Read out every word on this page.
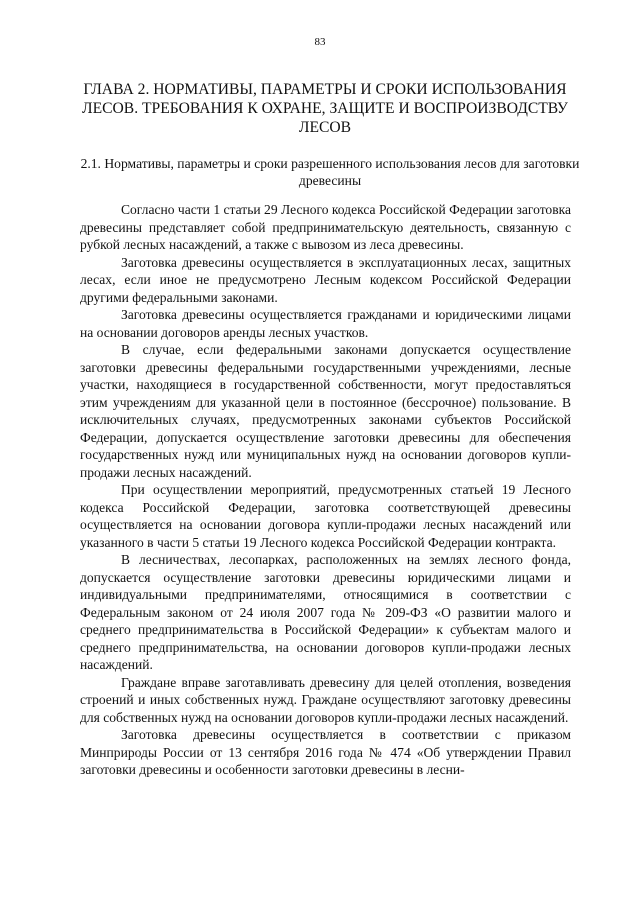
83
ГЛАВА 2. НОРМАТИВЫ, ПАРАМЕТРЫ И СРОКИ ИСПОЛЬЗОВАНИЯ ЛЕСОВ. ТРЕБОВАНИЯ К ОХРАНЕ, ЗАЩИТЕ И ВОСПРОИЗВОДСТВУ ЛЕСОВ
2.1. Нормативы, параметры и сроки разрешенного использования лесов для заготовки древесины

Согласно части 1 статьи 29 Лесного кодекса Российской Федерации заготовка древесины представляет собой предпринимательскую деятельность, связанную с рубкой лесных насаждений, а также с вывозом из леса древесины.

Заготовка древесины осуществляется в эксплуатационных лесах, защитных лесах, если иное не предусмотрено Лесным кодексом Российской Федерации другими федеральными законами.

Заготовка древесины осуществляется гражданами и юридическими лицами на основании договоров аренды лесных участков.

В случае, если федеральными законами допускается осуществление заготовки древесины федеральными государственными учреждениями, лесные участки, находящиеся в государственной собственности, могут предоставляться этим учреждениям для указанной цели в постоянное (бессрочное) пользование. В исключительных случаях, предусмотренных законами субъектов Российской Федерации, допускается осуществление заготовки древесины для обеспечения государственных нужд или муниципальных нужд на основании договоров купли-продажи лесных насаждений.

При осуществлении мероприятий, предусмотренных статьей 19 Лесного кодекса Российской Федерации, заготовка соответствующей древесины осуществляется на основании договора купли-продажи лесных насаждений или указанного в части 5 статьи 19 Лесного кодекса Российской Федерации контракта.

В лесничествах, лесопарках, расположенных на землях лесного фонда, допускается осуществление заготовки древесины юридическими лицами и индивидуальными предпринимателями, относящимися в соответствии с Федеральным законом от 24 июля 2007 года № 209-ФЗ «О развитии малого и среднего предпринимательства в Российской Федерации» к субъектам малого и среднего предпринимательства, на основании договоров купли-продажи лесных насаждений.

Граждане вправе заготавливать древесину для целей отопления, возведения строений и иных собственных нужд. Граждане осуществляют заготовку древесины для собственных нужд на основании договоров купли-продажи лесных насаждений.

Заготовка древесины осуществляется в соответствии с приказом Минприроды России от 13 сентября 2016 года № 474 «Об утверждении Правил заготовки древесины и особенности заготовки древесины в лесни-
